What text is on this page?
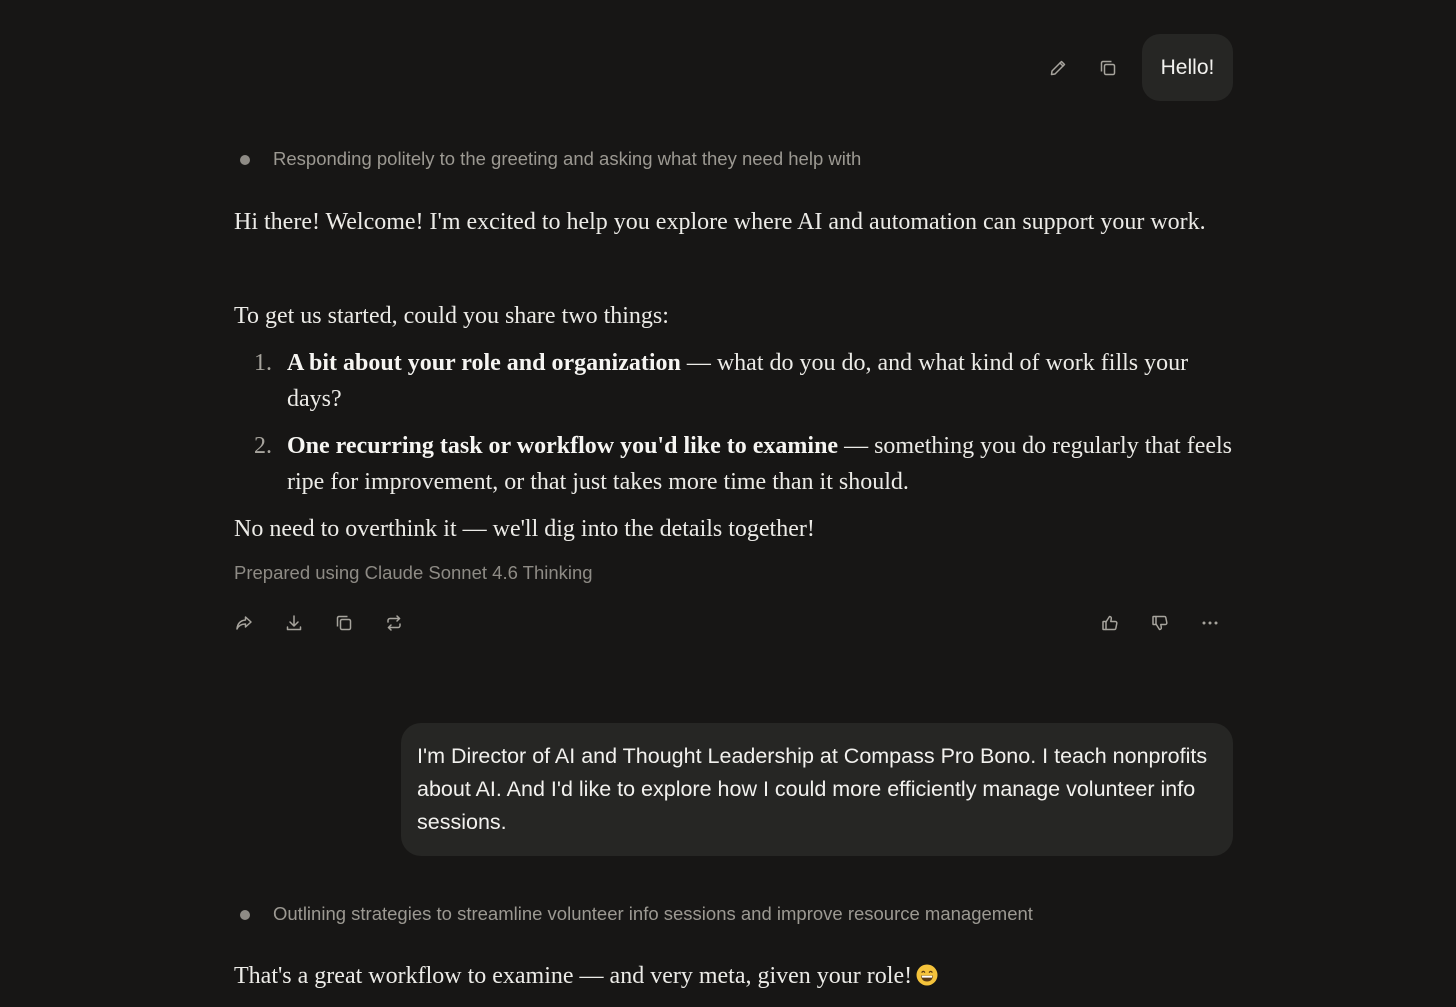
Hello!
Responding politely to the greeting and asking what they need help with

Hi there! Welcome! I'm excited to help you explore where AI and automation can support your work.

To get us started, could you share two things:

1. A bit about your role and organization — what do you do, and what kind of work fills your days?
2. One recurring task or workflow you'd like to examine — something you do regularly that feels ripe for improvement, or that just takes more time than it should.

No need to overthink it — we'll dig into the details together!

Prepared using Claude Sonnet 4.6 Thinking
I'm Director of AI and Thought Leadership at Compass Pro Bono. I teach nonprofits about AI. And I'd like to explore how I could more efficiently manage volunteer info sessions.
Outlining strategies to streamline volunteer info sessions and improve resource management
That's a great workflow to examine — and very meta, given your role!
